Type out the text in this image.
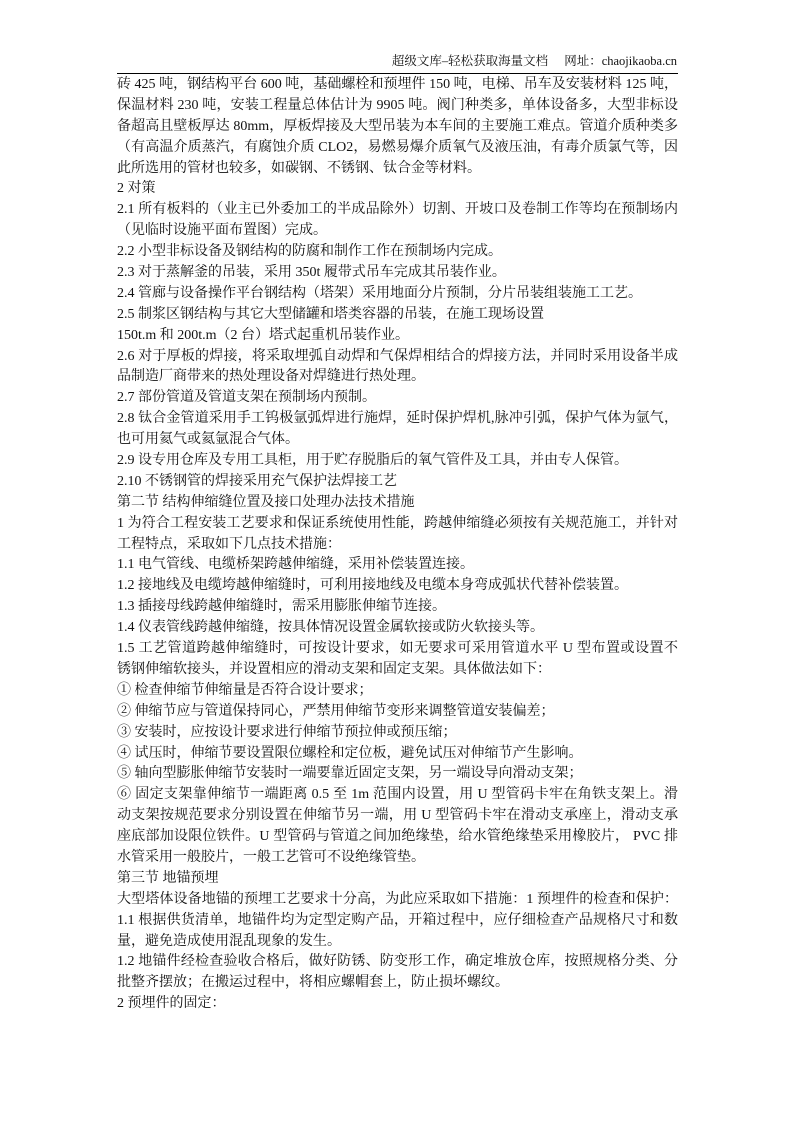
超级文库–轻松获取海量文档 网址：chaojikaoba.cn
砖 425 吨，钢结构平台 600 吨，基础螺栓和预埋件 150 吨，电梯、吊车及安装材料 125 吨，
保温材料 230 吨，安装工程量总体估计为 9905 吨。阀门种类多，单体设备多，大型非标设
备超高且壁板厚达 80mm，厚板焊接及大型吊装为本车间的主要施工难点。管道介质种类多
（有高温介质蒸汽，有腐蚀介质 CLO2，易燃易爆介质氧气及液压油，有毒介质氯气等，因
此所选用的管材也较多，如碳钢、不锈钢、钛合金等材料。
2 对策
2.1 所有板料的（业主已外委加工的半成品除外）切割、开坡口及卷制工作等均在预制场内
（见临时设施平面布置图）完成。
2.2 小型非标设备及钢结构的防腐和制作工作在预制场内完成。
2.3 对于蒸解釜的吊装，采用 350t 履带式吊车完成其吊装作业。
2.4 管廊与设备操作平台钢结构（塔架）采用地面分片预制，分片吊装组装施工工艺。
2.5 制浆区钢结构与其它大型储罐和塔类容器的吊装，在施工现场设置
150t.m 和 200t.m（2 台）塔式起重机吊装作业。
2.6 对于厚板的焊接，将采取埋弧自动焊和气保焊相结合的焊接方法，并同时采用设备半成
品制造厂商带来的热处理设备对焊缝进行热处理。
2.7 部份管道及管道支架在预制场内预制。
2.8 钛合金管道采用手工钨极氩弧焊进行施焊，延时保护焊机,脉冲引弧，保护气体为氩气，
也可用氦气或氦氩混合气体。
2.9 设专用仓库及专用工具柜，用于贮存脱脂后的氧气管件及工具，并由专人保管。
2.10 不锈钢管的焊接采用充气保护法焊接工艺
第二节 结构伸缩缝位置及接口处理办法技术措施
1 为符合工程安装工艺要求和保证系统使用性能，跨越伸缩缝必须按有关规范施工，并针对
工程特点，采取如下几点技术措施：
1.1 电气管线、电缆桥架跨越伸缩缝，采用补偿装置连接。
1.2 接地线及电缆垮越伸缩缝时，可利用接地线及电缆本身弯成弧状代替补偿装置。
1.3 插接母线跨越伸缩缝时，需采用膨胀伸缩节连接。
1.4 仪表管线跨越伸缩缝，按具体情况设置金属软接或防火软接头等。
1.5 工艺管道跨越伸缩缝时，可按设计要求，如无要求可采用管道水平 U 型布置或设置不
锈钢伸缩软接头，并设置相应的滑动支架和固定支架。具体做法如下：
① 检查伸缩节伸缩量是否符合设计要求；
② 伸缩节应与管道保持同心，严禁用伸缩节变形来调整管道安装偏差；
③ 安装时，应按设计要求进行伸缩节预拉伸或预压缩；
④ 试压时，伸缩节要设置限位螺栓和定位板，避免试压对伸缩节产生影响。
⑤ 轴向型膨胀伸缩节安装时一端要靠近固定支架，另一端设导向滑动支架；
⑥ 固定支架靠伸缩节一端距离 0.5 至 1m 范围内设置，用 U 型管码卡牢在角铁支架上。滑
动支架按规范要求分别设置在伸缩节另一端，用 U 型管码卡牢在滑动支承座上，滑动支承
座底部加设限位铁件。U 型管码与管道之间加绝缘垫，给水管绝缘垫采用橡胶片， PVC 排
水管采用一般胶片，一般工艺管可不设绝缘管垫。
第三节 地锚预埋
大型塔体设备地锚的预埋工艺要求十分高，为此应采取如下措施：1 预埋件的检查和保护：
1.1 根据供货清单，地锚件均为定型定购产品，开箱过程中，应仔细检查产品规格尺寸和数
量，避免造成使用混乱现象的发生。
1.2 地锚件经检查验收合格后，做好防锈、防变形工作，确定堆放仓库，按照规格分类、分
批整齐摆放；在搬运过程中，将相应螺帽套上，防止损坏螺纹。
2 预埋件的固定：
